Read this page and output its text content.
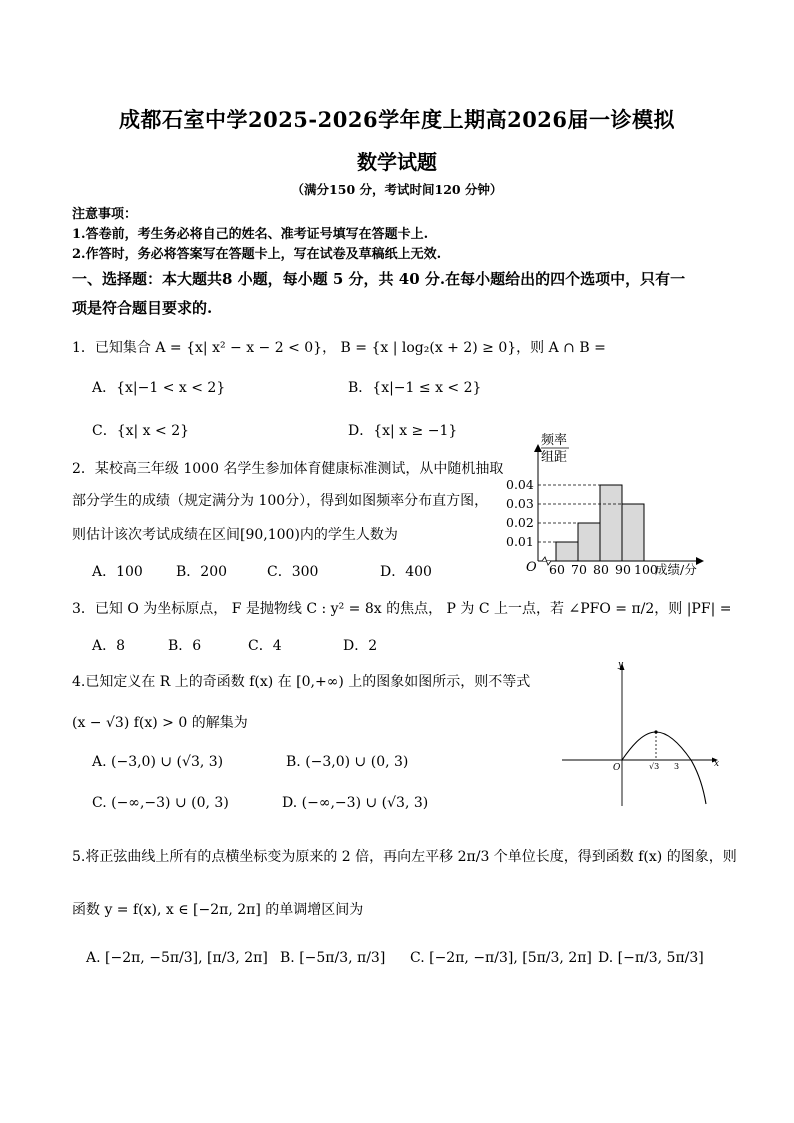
成都石室中学2025-2026学年度上期高2026届一诊模拟
数学试题
（满分150 分，考试时间120 分钟）
注意事项：
1.答卷前，考生务必将自己的姓名、准考证号填写在答题卡上.
2.作答时，务必将答案写在答题卡上，写在试卷及草稿纸上无效.
一、选择题：本大题共8 小题，每小题 5 分，共 40 分.在每小题给出的四个选项中，只有一
项是符合题目要求的.
1．已知集合 A = {x| x² − x − 2 < 0}， B = {x | log₂(x + 2) ≥ 0}，则 A ∩ B =
A．{x|−1 < x < 2}	B．{x|−1 ≤ x < 2}
C．{x| x < 2}	D．{x| x ≥ −1}
2．某校高三年级 1000 名学生参加体育健康标准测试，从中随机抽取
部分学生的成绩（规定满分为 100分），得到如图频率分布直方图，
则估计该次考试成绩在区间[90,100)内的学生人数为
A．100 B．200	C．300	D．400
频率
组距
0.01
0.02
0.03
0.04
60 70 80 90 100
O	成绩/分
3．已知 O 为坐标原点， F 是抛物线 C : y² = 8x 的焦点， P 为 C 上一点，若 ∠PFO = π/2，则 |PF| =
A．8	B．6	C．4	D．2
4.已知定义在 R 上的奇函数 f(x) 在 [0,+∞) 上的图象如图所示，则不等式
(x − √3) f(x) > 0 的解集为
A. (−3,0) ∪ (√3, 3)	B. (−3,0) ∪ (0, 3)
C. (−∞,−3) ∪ (0, 3)	D. (−∞,−3) ∪ (√3, 3)
y
x
O	√3 3
5.将正弦曲线上所有的点横坐标变为原来的 2 倍，再向左平移 2π/3 个单位长度，得到函数 f(x) 的图象，则
函数 y = f(x), x ∈ [−2π, 2π] 的单调增区间为
A. [−2π, −5π/3], [π/3, 2π] B. [−5π/3, π/3] C. [−2π, −π/3], [5π/3, 2π] D. [−π/3, 5π/3]
